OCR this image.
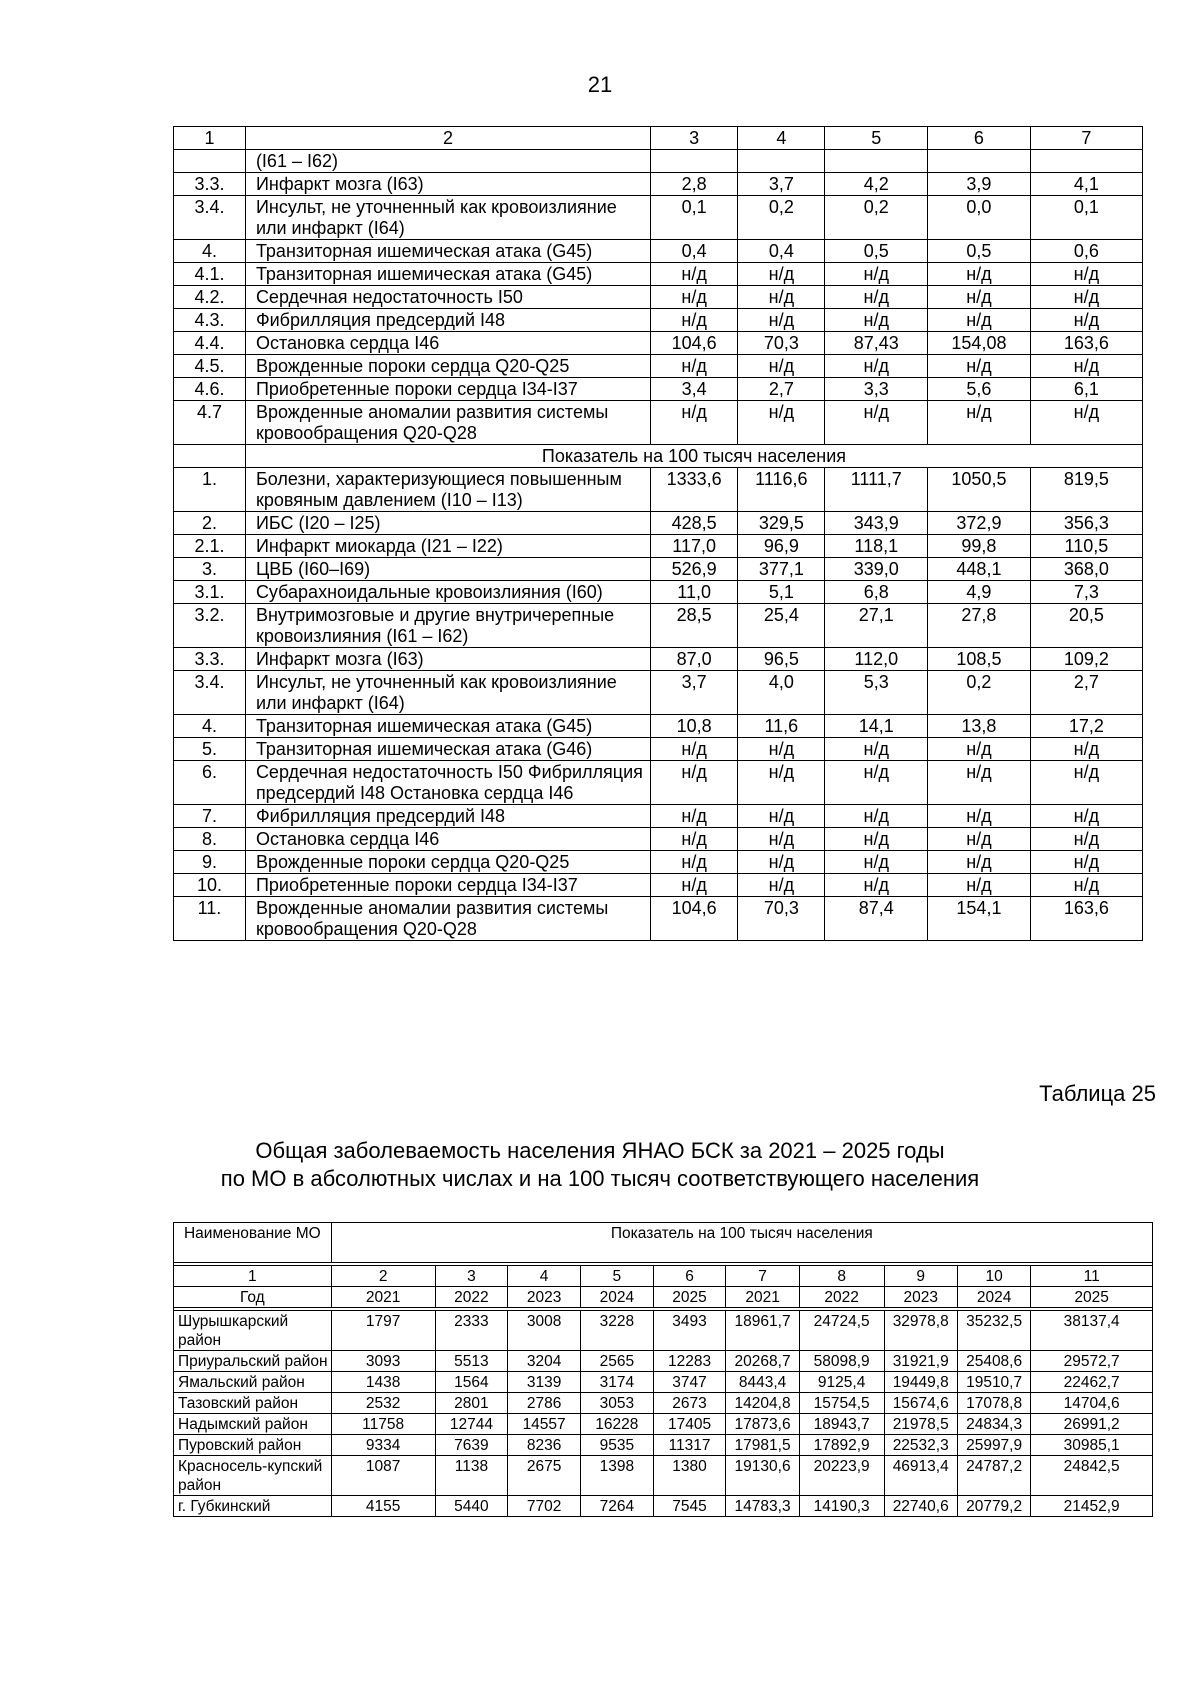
21
1	2	3	4	5	6	7
	(I61 – I62)					
3.3.	Инфаркт мозга (I63)	2,8	3,7	4,2	3,9	4,1
3.4.	Инсульт, не уточненный как кровоизлияние или инфаркт (I64)	0,1	0,2	0,2	0,0	0,1
4.	Транзиторная ишемическая атака (G45)	0,4	0,4	0,5	0,5	0,6
4.1.	Транзиторная ишемическая атака (G45)	н/д	н/д	н/д	н/д	н/д
4.2.	Сердечная недостаточность I50	н/д	н/д	н/д	н/д	н/д
4.3.	Фибрилляция предсердий I48	н/д	н/д	н/д	н/д	н/д
4.4.	Остановка сердца I46	104,6	70,3	87,43	154,08	163,6
4.5.	Врожденные пороки сердца Q20-Q25	н/д	н/д	н/д	н/д	н/д
4.6.	Приобретенные пороки сердца I34-I37	3,4	2,7	3,3	5,6	6,1
4.7	Врожденные аномалии развития системы кровообращения Q20-Q28	н/д	н/д	н/д	н/д	н/д
	Показатель на 100 тысяч населения					
1.	Болезни, характеризующиеся повышенным кровяным давлением (I10 – I13)	1333,6	1116,6	1111,7	1050,5	819,5
2.	ИБС (I20 – I25)	428,5	329,5	343,9	372,9	356,3
2.1.	Инфаркт миокарда (I21 – I22)	117,0	96,9	118,1	99,8	110,5
3.	ЦВБ (I60–I69)	526,9	377,1	339,0	448,1	368,0
3.1.	Субарахноидальные кровоизлияния (I60)	11,0	5,1	6,8	4,9	7,3
3.2.	Внутримозговые и другие внутричерепные кровоизлияния (I61 – I62)	28,5	25,4	27,1	27,8	20,5
3.3.	Инфаркт мозга (I63)	87,0	96,5	112,0	108,5	109,2
3.4.	Инсульт, не уточненный как кровоизлияние или инфаркт (I64)	3,7	4,0	5,3	0,2	2,7
4.	Транзиторная ишемическая атака (G45)	10,8	11,6	14,1	13,8	17,2
5.	Транзиторная ишемическая атака (G46)	н/д	н/д	н/д	н/д	н/д
6.	Сердечная недостаточность I50 Фибрилляция предсердий I48 Остановка сердца I46	н/д	н/д	н/д	н/д	н/д
7.	Фибрилляция предсердий I48	н/д	н/д	н/д	н/д	н/д
8.	Остановка сердца I46	н/д	н/д	н/д	н/д	н/д
9.	Врожденные пороки сердца Q20-Q25	н/д	н/д	н/д	н/д	н/д
10.	Приобретенные пороки сердца I34-I37	н/д	н/д	н/д	н/д	н/д
11.	Врожденные аномалии развития системы кровообращения Q20-Q28	104,6	70,3	87,4	154,1	163,6
Таблица 25
Общая заболеваемость населения ЯНАО БСК за 2021 – 2025 годы
по МО в абсолютных числах и на 100 тысяч соответствующего населения
Наименование МО	Показатель на 100 тысяч населения									

1	2	3	4	5	6	7	8	9	10	11
Год	2021	2022	2023	2024	2025	2021	2022	2023	2024	2025

Шурышкарский район	1797	2333	3008	3228	3493	18961,7	24724,5	32978,8	35232,5	38137,4
Приуральский район	3093	5513	3204	2565	12283	20268,7	58098,9	31921,9	25408,6	29572,7
Ямальский район	1438	1564	3139	3174	3747	8443,4	9125,4	19449,8	19510,7	22462,7
Тазовский район	2532	2801	2786	3053	2673	14204,8	15754,5	15674,6	17078,8	14704,6
Надымский район	11758	12744	14557	16228	17405	17873,6	18943,7	21978,5	24834,3	26991,2
Пуровский район	9334	7639	8236	9535	11317	17981,5	17892,9	22532,3	25997,9	30985,1
Красносель-купский район	1087	1138	2675	1398	1380	19130,6	20223,9	46913,4	24787,2	24842,5
г. Губкинский	4155	5440	7702	7264	7545	14783,3	14190,3	22740,6	20779,2	21452,9
